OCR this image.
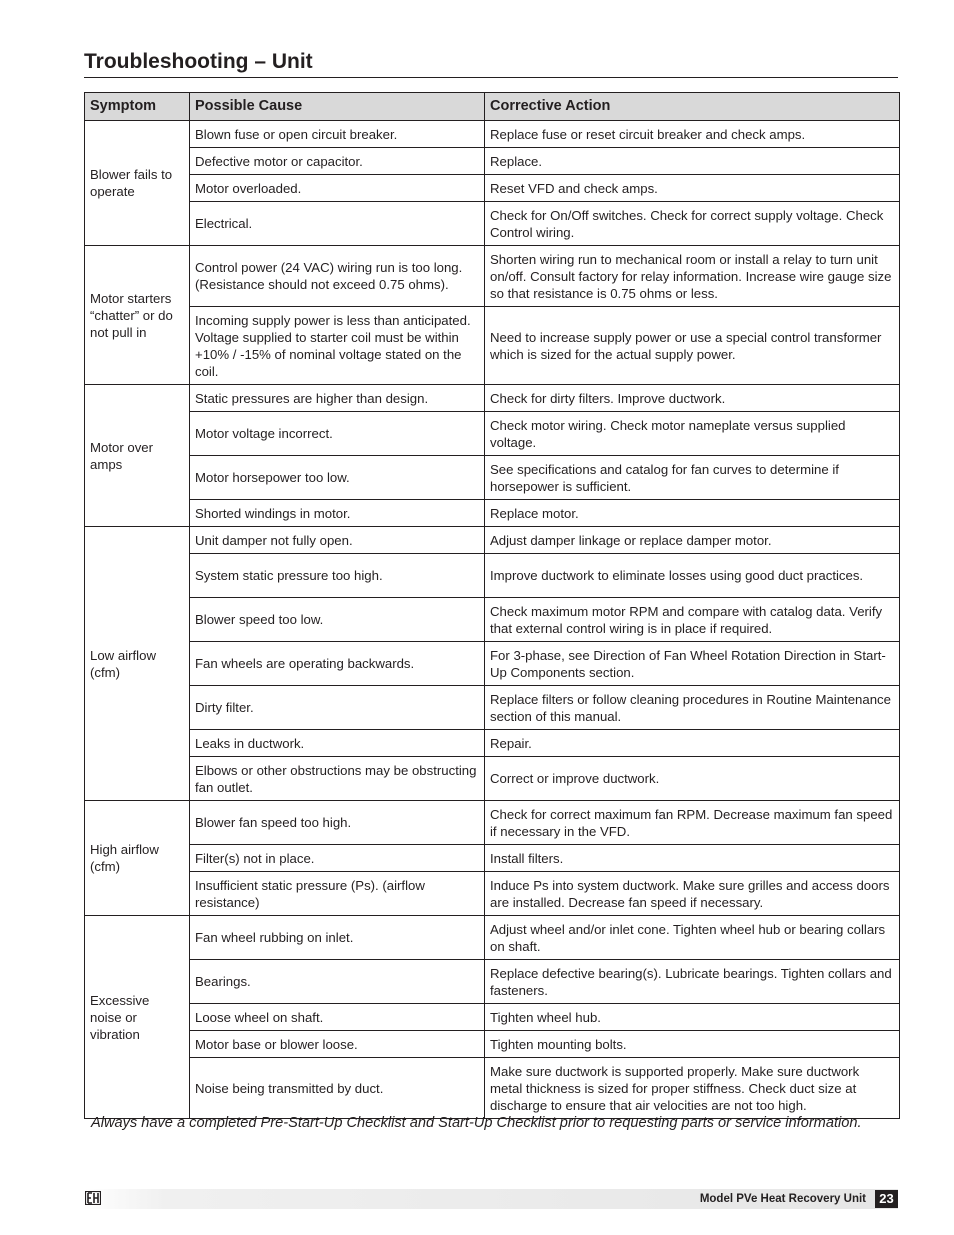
Troubleshooting – Unit
Symptom	Possible Cause	Corrective Action
Blower fails to operate	Blown fuse or open circuit breaker.	Replace fuse or reset circuit breaker and check amps.
	Defective motor or capacitor.	Replace.
	Motor overloaded.	Reset VFD and check amps.
	Electrical.	Check for On/Off switches. Check for correct supply voltage. Check Control wiring.
Motor starters “chatter” or do not pull in	Control power (24 VAC) wiring run is too long. (Resistance should not exceed 0.75 ohms).	Shorten wiring run to mechanical room or install a relay to turn unit on/off. Consult factory for relay information. Increase wire gauge size so that resistance is 0.75 ohms or less.
	Incoming supply power is less than anticipated. Voltage supplied to starter coil must be within +10% / -15% of nominal voltage stated on the coil.	Need to increase supply power or use a special control transformer which is sized for the actual supply power.
Motor over amps	Static pressures are higher than design.	Check for dirty filters. Improve ductwork.
	Motor voltage incorrect.	Check motor wiring. Check motor nameplate versus supplied voltage.
	Motor horsepower too low.	See specifications and catalog for fan curves to determine if horsepower is sufficient.
	Shorted windings in motor.	Replace motor.
Low airflow (cfm)	Unit damper not fully open.	Adjust damper linkage or replace damper motor.
	System static pressure too high.	Improve ductwork to eliminate losses using good duct practices.
	Blower speed too low.	Check maximum motor RPM and compare with catalog data. Verify that external control wiring is in place if required.
	Fan wheels are operating backwards.	For 3-phase, see Direction of Fan Wheel Rotation Direction in Start-Up Components section.
	Dirty filter.	Replace filters or follow cleaning procedures in Routine Maintenance section of this manual.
	Leaks in ductwork.	Repair.
	Elbows or other obstructions may be obstructing fan outlet.	Correct or improve ductwork.
High airflow (cfm)	Blower fan speed too high.	Check for correct maximum fan RPM. Decrease maximum fan speed if necessary in the VFD.
	Filter(s) not in place.	Install filters.
	Insufficient static pressure (Ps). (airflow resistance)	Induce Ps into system ductwork. Make sure grilles and access doors are installed. Decrease fan speed if necessary.
Excessive noise or vibration	Fan wheel rubbing on inlet.	Adjust wheel and/or inlet cone. Tighten wheel hub or bearing collars on shaft.
	Bearings.	Replace defective bearing(s). Lubricate bearings. Tighten collars and fasteners.
	Loose wheel on shaft.	Tighten wheel hub.
	Motor base or blower loose.	Tighten mounting bolts.
	Noise being transmitted by duct.	Make sure ductwork is supported properly. Make sure ductwork metal thickness is sized for proper stiffness. Check duct size at discharge to ensure that air velocities are not too high.
Always have a completed Pre-Start-Up Checklist and Start-Up Checklist prior to requesting parts or service information.
Model PVe Heat Recovery Unit	23
